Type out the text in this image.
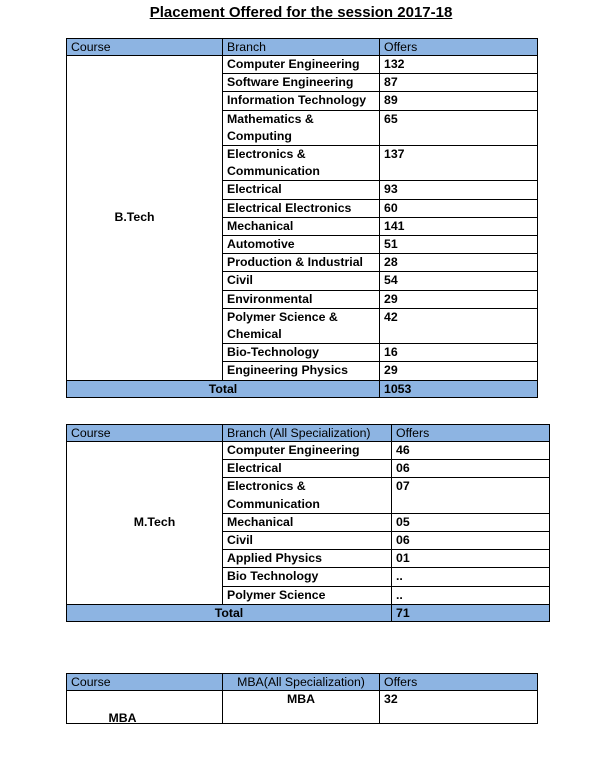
Placement Offered for the session 2017-18
Course	Branch	Offers
B.Tech	Computer Engineering	132
	Software Engineering	87
	Information Technology	89
	Mathematics & Computing	65
	Electronics & Communication	137
	Electrical	93
	Electrical Electronics	60
	Mechanical	141
	Automotive	51
	Production & Industrial	28
	Civil	54
	Environmental	29
	Polymer Science & Chemical	42
	Bio-Technology	16
	Engineering Physics	29
Total		1053
Course	Branch (All Specialization)	Offers
M.Tech	Computer Engineering	46
	Electrical	06
	Electronics & Communication	07
	Mechanical	05
	Civil	06
	Applied Physics	01
	Bio Technology	..
	Polymer Science	..
Total		71
Course	MBA(All Specialization)	Offers
MBA	MBA	32
